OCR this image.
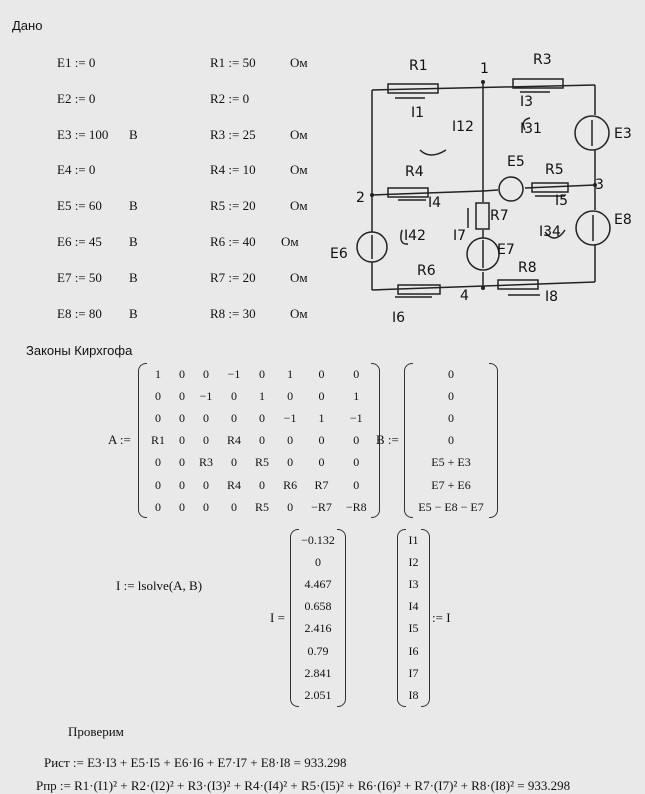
Дано
E1 := 0	R1 := 50	Ом
E2 := 0	R2 := 0
E3 := 100 В	R3 := 25	Ом
E4 := 0	R4 := 10	Ом
E5 := 60 В	R5 := 20	Ом
E6 := 45 В	R6 := 40 Ом
E7 := 50 В	R7 := 20	Ом
E8 := 80 В	R8 := 30	Ом
R1	R3
R4	R5
R7
R6	R8
E3
E5
E6	E7
E8
I1
I3
I4	I5
I6
I7
I8
I12	I31
I42	I34
1
2
3
4
Законы Кирхгофа
A :=
1	0	0	−1	0	1	0	0
0	0	−1	0	1	0	0	1
0	0	0	0	0	−1	1	−1
R1	0	0	R4	0	0	0	0
0	0	R3	0	R5	0	0	0
0	0	0	R4	0	R6	R7	0
0	0	0	0	R5	0	−R7	−R8
B :=
0
0
0
0
E5 + E3
E7 + E6
E5 − E8 − E7
I := lsolve(A, B)
I =
−0.132
0
4.467
0.658
2.416
0.79
2.841
2.051
I1
I2
I3
I4
I5
I6
I7
I8
:= I
Проверим
Pист := E3·I3 + E5·I5 + E6·I6 + E7·I7 + E8·I8 = 933.298
Pпр := R1·(I1)² + R2·(I2)² + R3·(I3)² + R4·(I4)² + R5·(I5)² + R6·(I6)² + R7·(I7)² + R8·(I8)² = 933.298
